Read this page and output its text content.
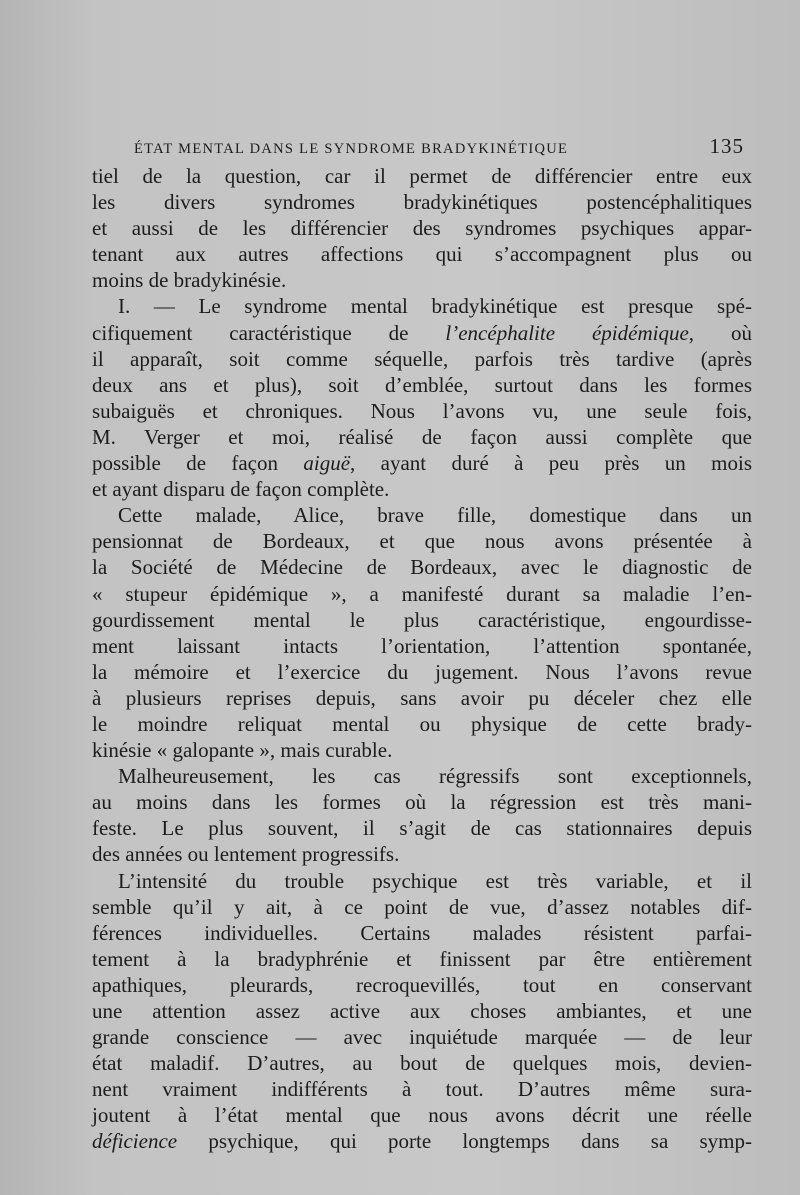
ÉTAT MENTAL DANS LE SYNDROME BRADYKINÉTIQUE	135
tiel de la question, car il permet de différencier entre eux
les divers syndromes bradykinétiques postencéphalitiques
et aussi de les différencier des syndromes psychiques appar-
tenant aux autres affections qui s’accompagnent plus ou
moins de bradykinésie.
I. — Le syndrome mental bradykinétique est presque spé-
cifiquement caractéristique de l’encéphalite épidémique, où
il apparaît, soit comme séquelle, parfois très tardive (après
deux ans et plus), soit d’emblée, surtout dans les formes
subaiguës et chroniques. Nous l’avons vu, une seule fois,
M. Verger et moi, réalisé de façon aussi complète que
possible de façon aiguë, ayant duré à peu près un mois
et ayant disparu de façon complète.
Cette malade, Alice, brave fille, domestique dans un
pensionnat de Bordeaux, et que nous avons présentée à
la Société de Médecine de Bordeaux, avec le diagnostic de
« stupeur épidémique », a manifesté durant sa maladie l’en-
gourdissement mental le plus caractéristique, engourdisse-
ment laissant intacts l’orientation, l’attention spontanée,
la mémoire et l’exercice du jugement. Nous l’avons revue
à plusieurs reprises depuis, sans avoir pu déceler chez elle
le moindre reliquat mental ou physique de cette brady-
kinésie « galopante », mais curable.
Malheureusement, les cas régressifs sont exceptionnels,
au moins dans les formes où la régression est très mani-
feste. Le plus souvent, il s’agit de cas stationnaires depuis
des années ou lentement progressifs.
L’intensité du trouble psychique est très variable, et il
semble qu’il y ait, à ce point de vue, d’assez notables dif-
férences individuelles. Certains malades résistent parfai-
tement à la bradyphrénie et finissent par être entièrement
apathiques, pleurards, recroquevillés, tout en conservant
une attention assez active aux choses ambiantes, et une
grande conscience — avec inquiétude marquée — de leur
état maladif. D’autres, au bout de quelques mois, devien-
nent vraiment indifférents à tout. D’autres même sura-
joutent à l’état mental que nous avons décrit une réelle
déficience psychique, qui porte longtemps dans sa symp-
